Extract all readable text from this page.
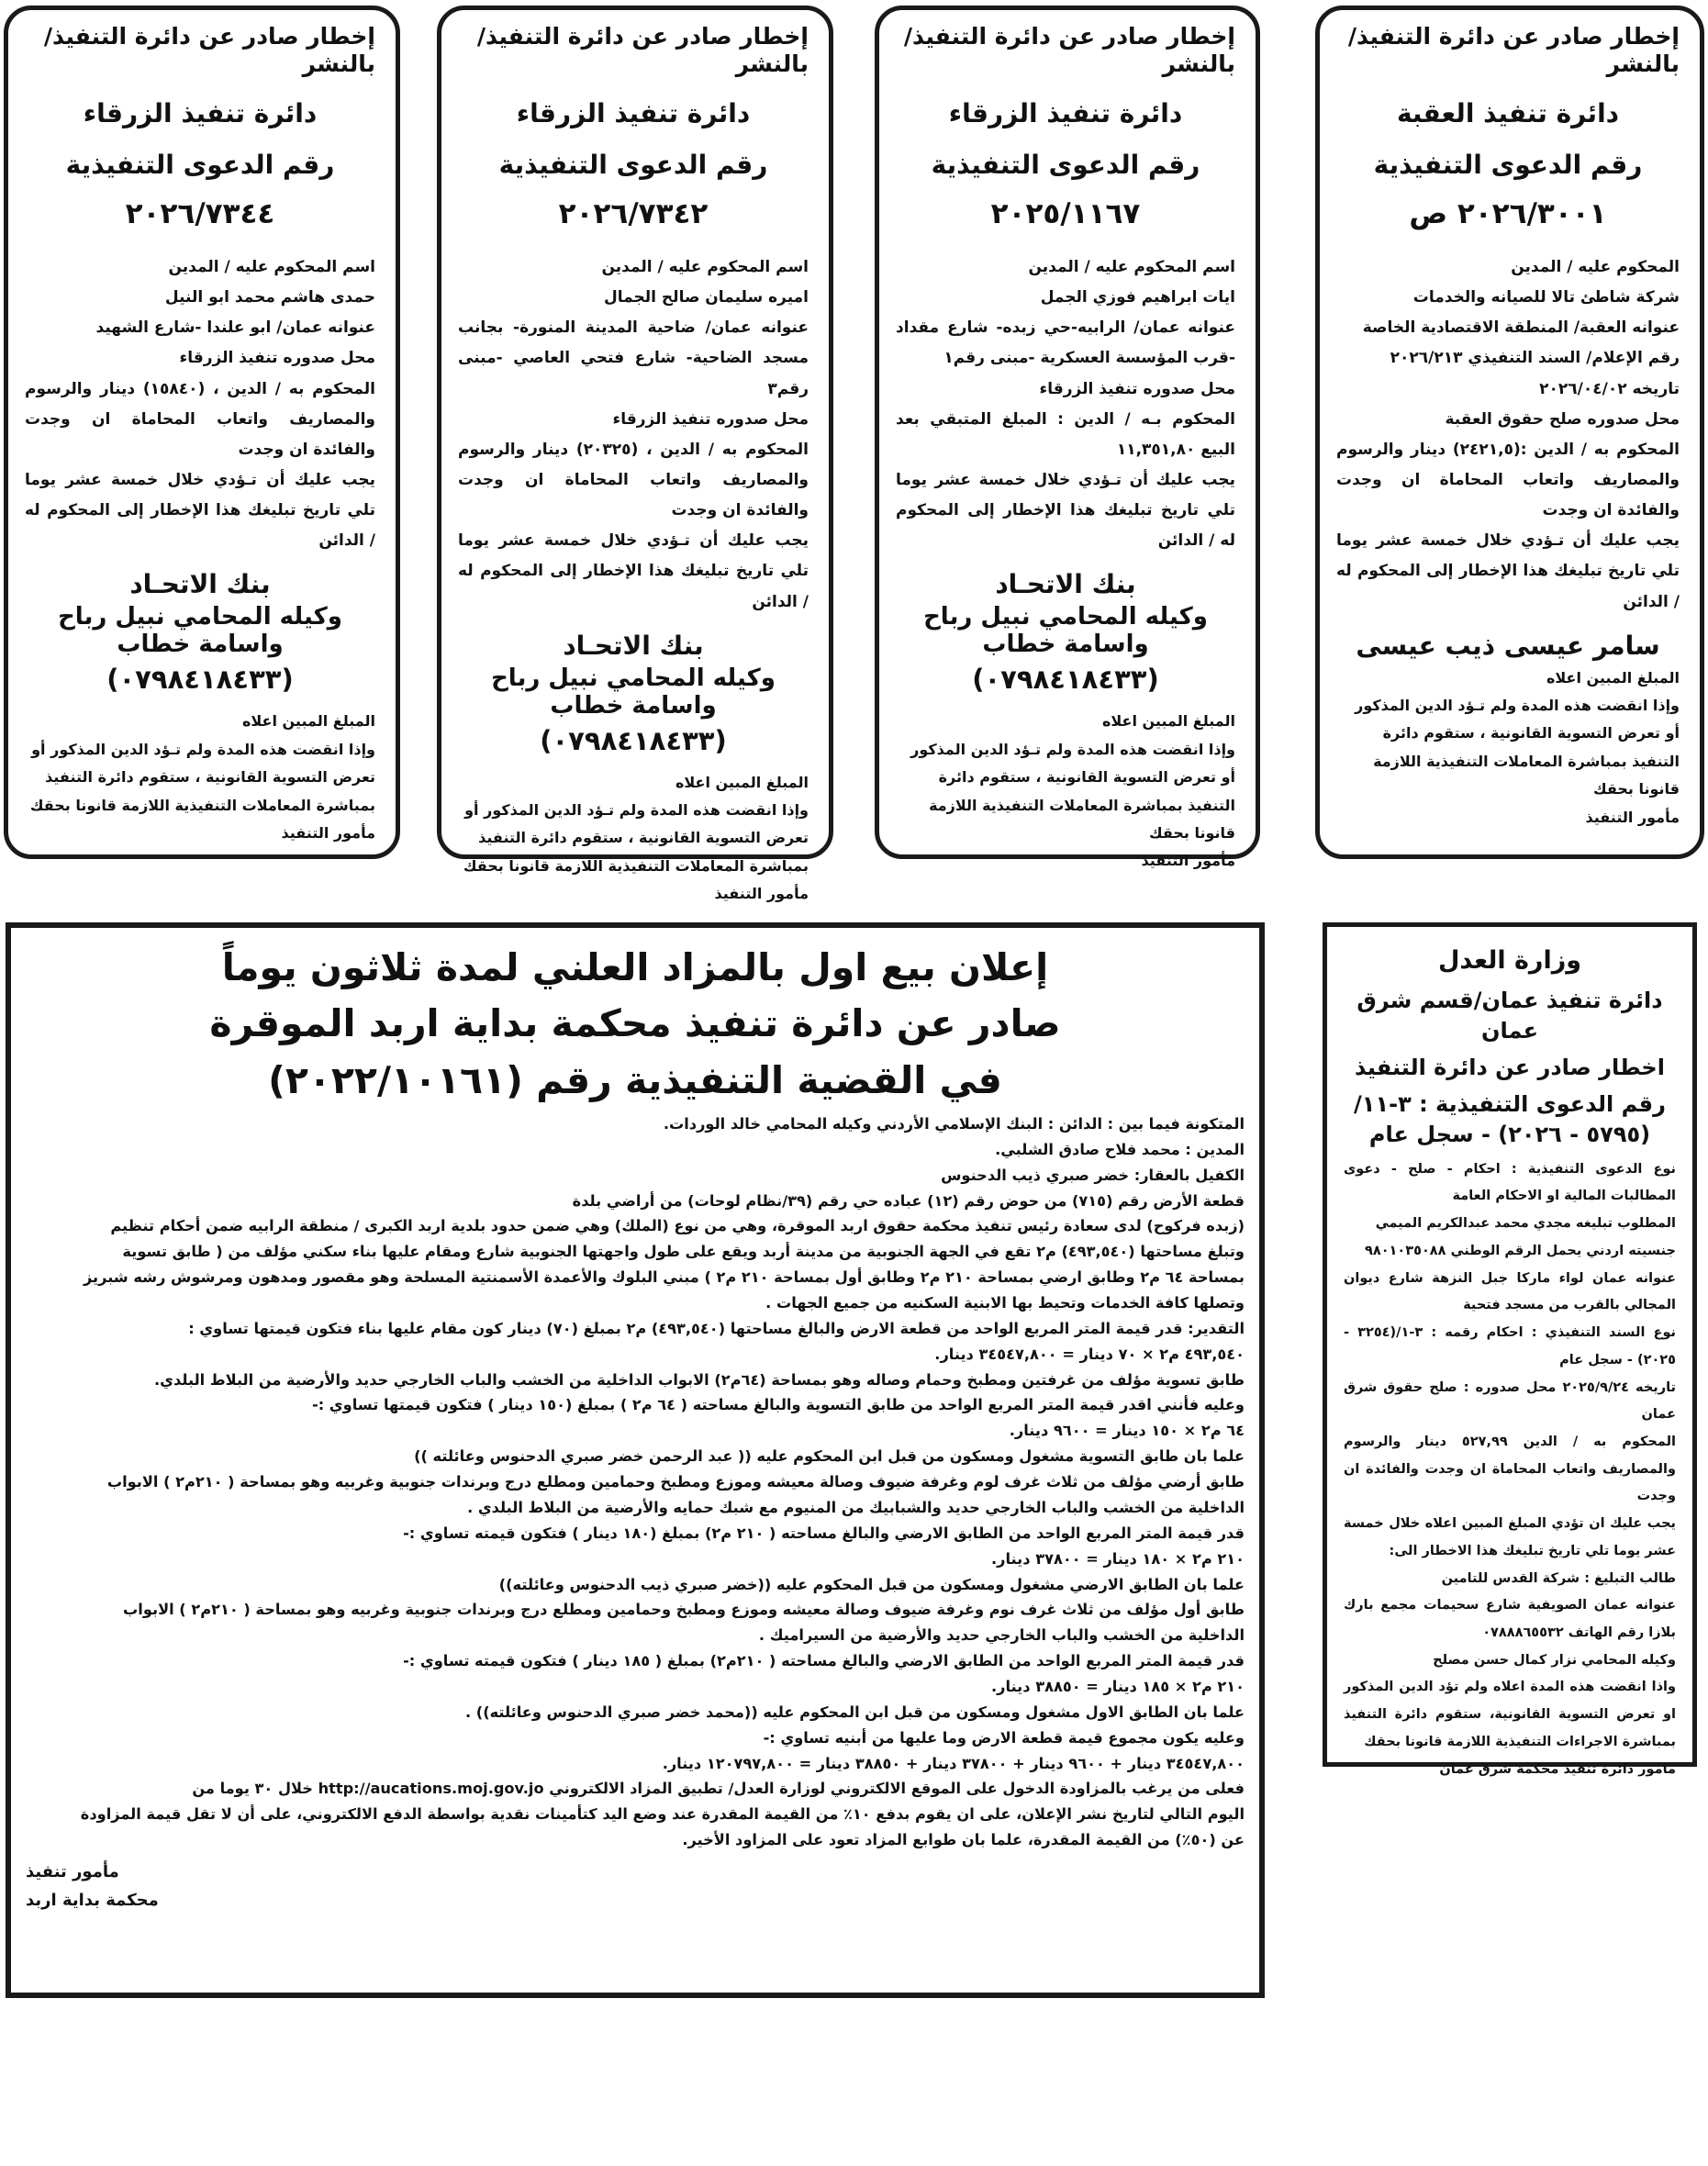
إخطار صادر عن دائرة التنفيذ/ بالنشر

دائرة تنفيذ العقبة

رقم الدعوى التنفيذية

٢٠٢٦/٣٠٠١ ص

المحكوم عليه / المدين

شركة شاطئ تالا للصيانه والخدمات

عنوانه العقبة/ المنطقة الاقتصادية الخاصة

رقم الإعلام/ السند التنفيذي ٢٠٢٦/٢١٣

تاريخه ٢٠٢٦/٠٤/٠٢

محل صدوره صلح حقوق العقبة

المحكوم به / الدين :(٢٤٢١,٥) دينار والرسوم والمصاريف واتعاب المحاماة ان وجدت والفائدة ان وجدت

يجب عليك أن تـؤدي خلال خمسة عشر يوما تلي تاريخ تبليغك هذا الإخطار إلى المحكوم له / الدائن

سامر عيسى ذيب عيسى

المبلغ المبين اعلاه

وإذا انقضت هذه المدة ولم تـؤد الدين المذكور أو تعرض التسوية القانونية ، ستقوم دائرة التنفيذ بمباشرة المعاملات التنفيذية اللازمة قانونا بحقك

مأمور التنفيذ

إخطار صادر عن دائرة التنفيذ/ بالنشر

دائرة تنفيذ الزرقاء

رقم الدعوى التنفيذية

٢٠٢٥/١١٦٧

اسم المحكوم عليه / المدين

ايات ابراهيم فوزي الجمل

عنوانه عمان/ الرابيه-حي زبده- شارع مقداد -قرب المؤسسة العسكرية -مبنى رقم١

محل صدوره تنفيذ الزرقاء

المحكوم بـه / الدين : المبلغ المتبقي بعد البيع ١١,٣٥١,٨٠

يجب عليك أن تـؤدي خلال خمسة عشر يوما تلي تاريخ تبليغك هذا الإخطار إلى المحكوم له / الدائن

بنك الاتحـاد

وكيله المحامي نبيل رباح واسامة خطاب

(٠٧٩٨٤١٨٤٣٣)

المبلغ المبين اعلاه

وإذا انقضت هذه المدة ولم تـؤد الدين المذكور أو تعرض التسوية القانونية ، ستقوم دائرة التنفيذ بمباشرة المعاملات التنفيذية اللازمة قانونا بحقك

مأمور التنفيذ

إخطار صادر عن دائرة التنفيذ/ بالنشر

دائرة تنفيذ الزرقاء

رقم الدعوى التنفيذية

٢٠٢٦/٧٣٤٢

اسم المحكوم عليه / المدين

اميره سليمان صالح الجمال

عنوانه عمان/ ضاحية المدينة المنورة- بجانب مسجد الضاحية- شارع فتحي العاصي -مبنى رقم٣

محل صدوره تنفيذ الزرقاء

المحكوم به / الدين ، (٢٠٣٢٥) دينار والرسوم والمصاريف واتعاب المحاماة ان وجدت والفائدة ان وجدت

يجب عليك أن تـؤدي خلال خمسة عشر يوما تلي تاريخ تبليغك هذا الإخطار إلى المحكوم له / الدائن

بنك الاتحـاد

وكيله المحامي نبيل رباح واسامة خطاب

(٠٧٩٨٤١٨٤٣٣)

المبلغ المبين اعلاه

وإذا انقضت هذه المدة ولم تـؤد الدين المذكور أو تعرض التسوية القانونية ، ستقوم دائرة التنفيذ بمباشرة المعاملات التنفيذية اللازمة قانونا بحقك

مأمور التنفيذ

إخطار صادر عن دائرة التنفيذ/ بالنشر

دائرة تنفيذ الزرقاء

رقم الدعوى التنفيذية

٢٠٢٦/٧٣٤٤

اسم المحكوم عليه / المدين

حمدى هاشم محمد ابو النيل

عنوانه عمان/ ابو علندا -شارع الشهيد

محل صدوره تنفيذ الزرقاء

المحكوم به / الدين ، (١٥٨٤٠) دينار والرسوم والمصاريف واتعاب المحاماة ان وجدت والفائدة ان وجدت

يجب عليك أن تـؤدي خلال خمسة عشر يوما تلي تاريخ تبليغك هذا الإخطار إلى المحكوم له / الدائن

بنك الاتحـاد

وكيله المحامي نبيل رباح واسامة خطاب

(٠٧٩٨٤١٨٤٣٣)

المبلغ المبين اعلاه

وإذا انقضت هذه المدة ولم تـؤد الدين المذكور أو تعرض التسوية القانونية ، ستقوم دائرة التنفيذ بمباشرة المعاملات التنفيذية اللازمة قانونا بحقك

مأمور التنفيذ

وزارة العدل

دائرة تنفيذ عمان/قسم شرق عمان

اخطار صادر عن دائرة التنفيذ

رقم الدعوى التنفيذية : ٣-١١/ (٥٧٩٥ - ٢٠٢٦) - سجل عام

نوع الدعوى التنفيذية : احكام - صلح - دعوى المطالبات المالية او الاحكام العامة

المطلوب تبليغه مجدي محمد عبدالكريم الميمي

جنسيته اردني يحمل الرقم الوطني ٩٨٠١٠٣٥٠٨٨

عنوانه عمان لواء ماركا جبل النزهة شارع ديوان المجالي بالقرب من مسجد فتحية

نوع السند التنفيذي : احكام رقمه : ٣-١/(٣٢٥٤ - ٢٠٢٥) - سجل عام

تاريخه ٢٠٢٥/٩/٢٤ محل صدوره : صلح حقوق شرق عمان

المحكوم به / الدين ٥٢٧,٩٩ دينار والرسوم والمصاريف واتعاب المحاماة ان وجدت والفائدة ان وجدت

يجب عليك ان تؤدي المبلغ المبين اعلاه خلال خمسة عشر يوما تلي تاريخ تبليغك هذا الاخطار الى:

طالب التبليغ : شركة القدس للتامين

عنوانه عمان الصويفية شارع سحيمات مجمع بارك بلازا رقم الهاتف ٠٧٨٨٨٦٥٥٣٢

وكيله المحامي نزار كمال حسن مصلح

واذا انقضت هذه المدة اعلاه ولم تؤد الدين المذكور او تعرض التسوية القانونية، ستقوم دائرة التنفيذ بمباشرة الاجراءات التنفيذية اللازمة قانونا بحقك

مامور دائرة تنفيذ محكمة شرق عمان

إعلان بيع اول بالمزاد العلني لمدة ثلاثون يوماً

صادر عن دائرة تنفيذ محكمة بداية اربد الموقرة

في القضية التنفيذية رقم (٢٠٢٢/١٠١٦١)

المتكونة فيما بين : الدائن : البنك الإسلامي الأردني وكيله المحامي خالد الوردات.

المدين : محمد فلاح صادق الشلبي.

الكفيل بالعقار: خضر صبري ذيب الدحنوس

قطعة الأرض رقم (٧١٥) من حوض رقم (١٢) عباده حي رقم (٣٩/نظام لوحات) من أراضي بلدة

(زبده فركوح) لدى سعادة رئيس تنفيذ محكمة حقوق اربد الموقرة، وهي من نوع (الملك) وهي ضمن حدود بلدية اربد الكبرى / منطقة الرابيه ضمن أحكام تنظيم

وتبلغ مساحتها (٤٩٣,٥٤٠) م٢ تقع في الجهة الجنوبية من مدينة أربد ويقع على طول واجهتها الجنوبية شارع ومقام عليها بناء سكني مؤلف من ( طابق تسوية

بمساحة ٦٤ م٢ وطابق ارضي بمساحة ٢١٠ م٢ وطابق أول بمساحة ٢١٠ م٢ ) مبني البلوك والأعمدة الأسمنتية المسلحة وهو مقصور ومدهون ومرشوش رشه شبريز

وتصلها كافة الخدمات وتحيط بها الابنية السكنيه من جميع الجهات .

التقدير: قدر قيمة المتر المربع الواحد من قطعة الارض والبالغ مساحتها (٤٩٣,٥٤٠) م٢ بمبلغ (٧٠) دينار كون مقام عليها بناء فتكون قيمتها تساوي :

٤٩٣,٥٤٠ م٢ × ٧٠ دينار = ٣٤٥٤٧,٨٠٠ دينار.

طابق تسوية مؤلف من غرفتين ومطبخ وحمام وصاله وهو بمساحة (٦٤م٢) الابواب الداخلية من الخشب والباب الخارجي حديد والأرضية من البلاط البلدي.

وعليه فأنني اقدر قيمة المتر المربع الواحد من طابق التسوية والبالغ مساحته ( ٦٤ م٢ ) بمبلغ (١٥٠ دينار ) فتكون قيمتها تساوي :-

٦٤ م٢ × ١٥٠ دينار = ٩٦٠٠ دينار.

علما بان طابق التسوية مشغول ومسكون من قبل ابن المحكوم عليه (( عبد الرحمن خضر صبري الدحنوس وعائلته ))

طابق أرضي مؤلف من ثلاث غرف لوم وغرفة ضيوف وصالة معيشه وموزع ومطبخ وحمامين ومطلع درج وبرندات جنوبية وغربيه وهو بمساحة ( ٢١٠م٢ ) الابواب

الداخلية من الخشب والباب الخارجي حديد والشبابيك من المنيوم مع شبك حمايه والأرضية من البلاط البلدي .

قدر قيمة المتر المربع الواحد من الطابق الارضي والبالغ مساحته ( ٢١٠ م٢) بمبلغ (١٨٠ دينار ) فتكون قيمته تساوي :-

٢١٠ م٢ × ١٨٠ دينار = ٣٧٨٠٠ دينار.

علما بان الطابق الارضي مشغول ومسكون من قبل المحكوم عليه ((خضر صبري ذيب الدحنوس وعائلته))

طابق أول مؤلف من ثلاث غرف نوم وغرفة ضيوف وصالة معيشه وموزع ومطبخ وحمامين ومطلع درج وبرندات جنوبية وغربيه وهو بمساحة ( ٢١٠م٢ ) الابواب

الداخلية من الخشب والباب الخارجي حديد والأرضية من السيراميك .

قدر قيمة المتر المربع الواحد من الطابق الارضي والبالغ مساحته ( ٢١٠م٢) بمبلغ ( ١٨٥ دينار ) فتكون قيمته تساوي :-

٢١٠ م٢ × ١٨٥ دينار = ٣٨٨٥٠ دينار.

علما بان الطابق الاول مشغول ومسكون من قبل ابن المحكوم عليه ((محمد خضر صبري الدحنوس وعائلته)) .

وعليه يكون مجموع قيمة قطعة الارض وما عليها من أبنيه تساوي :-

٣٤٥٤٧,٨٠٠ دينار + ٩٦٠٠ دينار + ٣٧٨٠٠ دينار + ٣٨٨٥٠ دينار = ١٢٠٧٩٧,٨٠٠ دينار.

فعلى من يرغب بالمزاودة الدخول على الموقع الالكتروني لوزارة العدل/ تطبيق المزاد الالكتروني http://aucations.moj.gov.jo خلال ٣٠ يوما من

اليوم التالي لتاريخ نشر الإعلان، على ان يقوم بدفع ١٠٪ من القيمة المقدرة عند وضع اليد كتأمينات نقدية بواسطة الدفع الالكتروني، على أن لا تقل قيمة المزاودة

عن (٥٠٪) من القيمة المقدرة، علما بان طوابع المزاد تعود على المزاود الأخير.

مأمور تنفيذ

محكمة بداية اربد
